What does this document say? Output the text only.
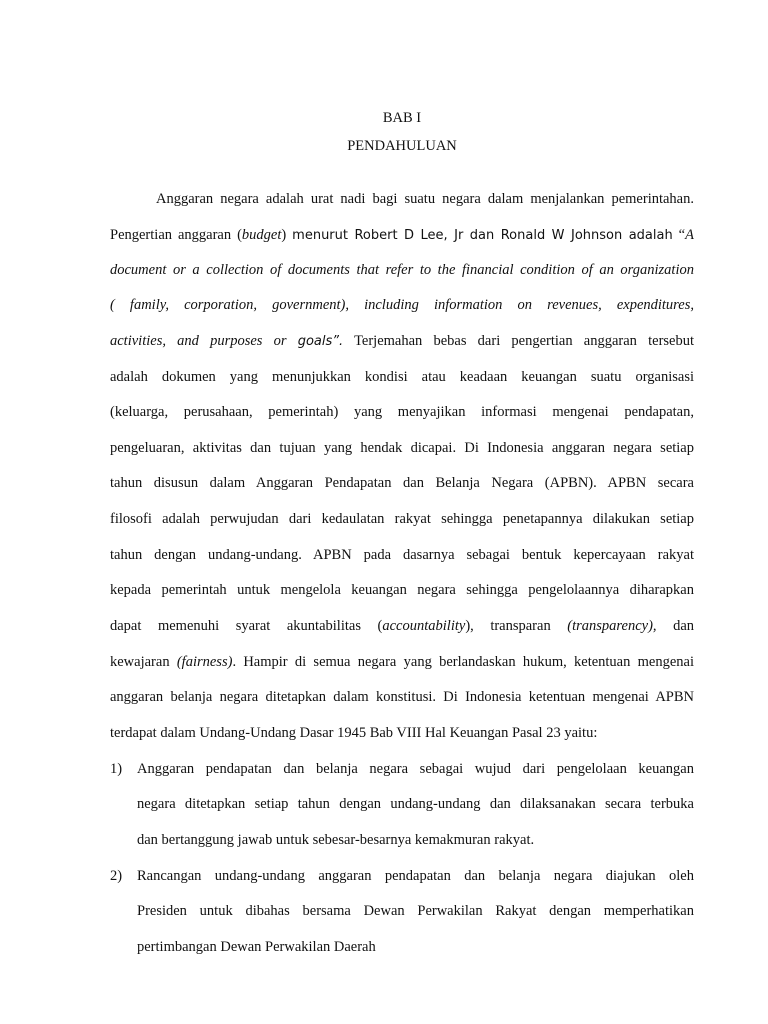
BAB I
PENDAHULUAN
Anggaran negara adalah urat nadi bagi suatu negara dalam menjalankan pemerintahan.
Pengertian anggaran (budget) menurut Robert D Lee, Jr dan Ronald W Johnson adalah “A
document or a collection of documents that refer to the financial condition of an organization
( family, corporation, government), including information on revenues, expenditures,
activities, and purposes or goals”. Terjemahan bebas dari pengertian anggaran tersebut
adalah dokumen yang menunjukkan kondisi atau keadaan keuangan suatu organisasi
(keluarga, perusahaan, pemerintah) yang menyajikan informasi mengenai pendapatan,
pengeluaran, aktivitas dan tujuan yang hendak dicapai. Di Indonesia anggaran negara setiap
tahun disusun dalam Anggaran Pendapatan dan Belanja Negara (APBN). APBN secara
filosofi adalah perwujudan dari kedaulatan rakyat sehingga penetapannya dilakukan setiap
tahun dengan undang-undang. APBN pada dasarnya sebagai bentuk kepercayaan rakyat
kepada pemerintah untuk mengelola keuangan negara sehingga pengelolaannya diharapkan
dapat memenuhi syarat akuntabilitas (accountability), transparan (transparency), dan
kewajaran (fairness). Hampir di semua negara yang berlandaskan hukum, ketentuan mengenai
anggaran belanja negara ditetapkan dalam konstitusi. Di Indonesia ketentuan mengenai APBN
terdapat dalam Undang-Undang Dasar 1945 Bab VIII Hal Keuangan Pasal 23 yaitu:
1) Anggaran pendapatan dan belanja negara sebagai wujud dari pengelolaan keuangan
negara ditetapkan setiap tahun dengan undang-undang dan dilaksanakan secara terbuka
dan bertanggung jawab untuk sebesar-besarnya kemakmuran rakyat.
2) Rancangan undang-undang anggaran pendapatan dan belanja negara diajukan oleh
Presiden untuk dibahas bersama Dewan Perwakilan Rakyat dengan memperhatikan
pertimbangan Dewan Perwakilan Daerah
